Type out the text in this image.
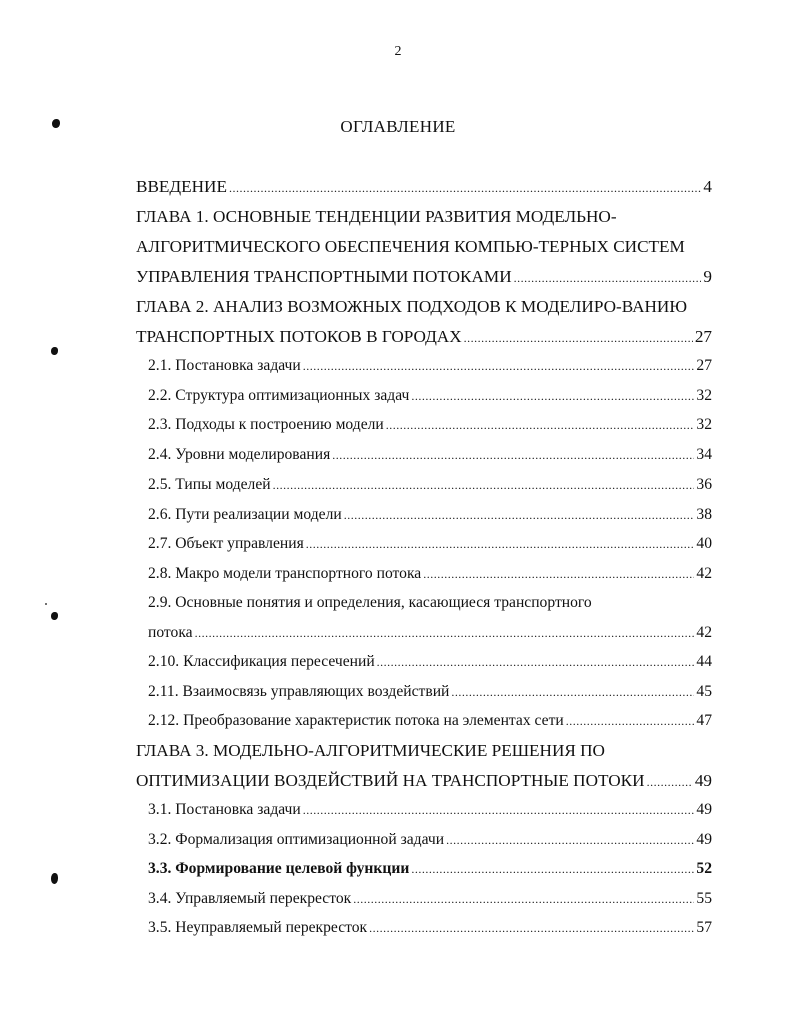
2
ОГЛАВЛЕНИЕ
ВВЕДЕНИЕ .....	4
ГЛАВА 1. ОСНОВНЫЕ ТЕНДЕНЦИИ РАЗВИТИЯ МОДЕЛЬНО-
АЛГОРИТМИЧЕСКОГО ОБЕСПЕЧЕНИЯ КОМПЬЮ-ТЕРНЫХ СИСТЕМ
УПРАВЛЕНИЯ ТРАНСПОРТНЫМИ ПОТОКАМИ .....	9
ГЛАВА 2. АНАЛИЗ ВОЗМОЖНЫХ ПОДХОДОВ К МОДЕЛИРО-ВАНИЮ
ТРАНСПОРТНЫХ ПОТОКОВ В ГОРОДАХ .....	27
2.1. Постановка задачи .....	27
2.2. Структура оптимизационных задач .....	32
2.3. Подходы к построению модели .....	32
2.4. Уровни моделирования .....	34
2.5. Типы моделей .....	36
2.6. Пути реализации модели .....	38
2.7. Объект управления .....	40
2.8. Макро модели транспортного потока .....	42
2.9. Основные понятия и определения, касающиеся транспортного
потока .....	42
2.10. Классификация пересечений .....	44
2.11. Взаимосвязь управляющих воздействий .....	45
2.12. Преобразование характеристик потока на элементах сети .....	47
ГЛАВА 3. МОДЕЛЬНО-АЛГОРИТМИЧЕСКИЕ РЕШЕНИЯ ПО
ОПТИМИЗАЦИИ ВОЗДЕЙСТВИЙ НА ТРАНСПОРТНЫЕ ПОТОКИ .....	49
3.1. Постановка задачи .....	49
3.2. Формализация оптимизационной задачи .....	49
3.3. Формирование целевой функции .....	52
3.4. Управляемый перекресток .....	55
3.5. Неуправляемый перекресток .....	57
